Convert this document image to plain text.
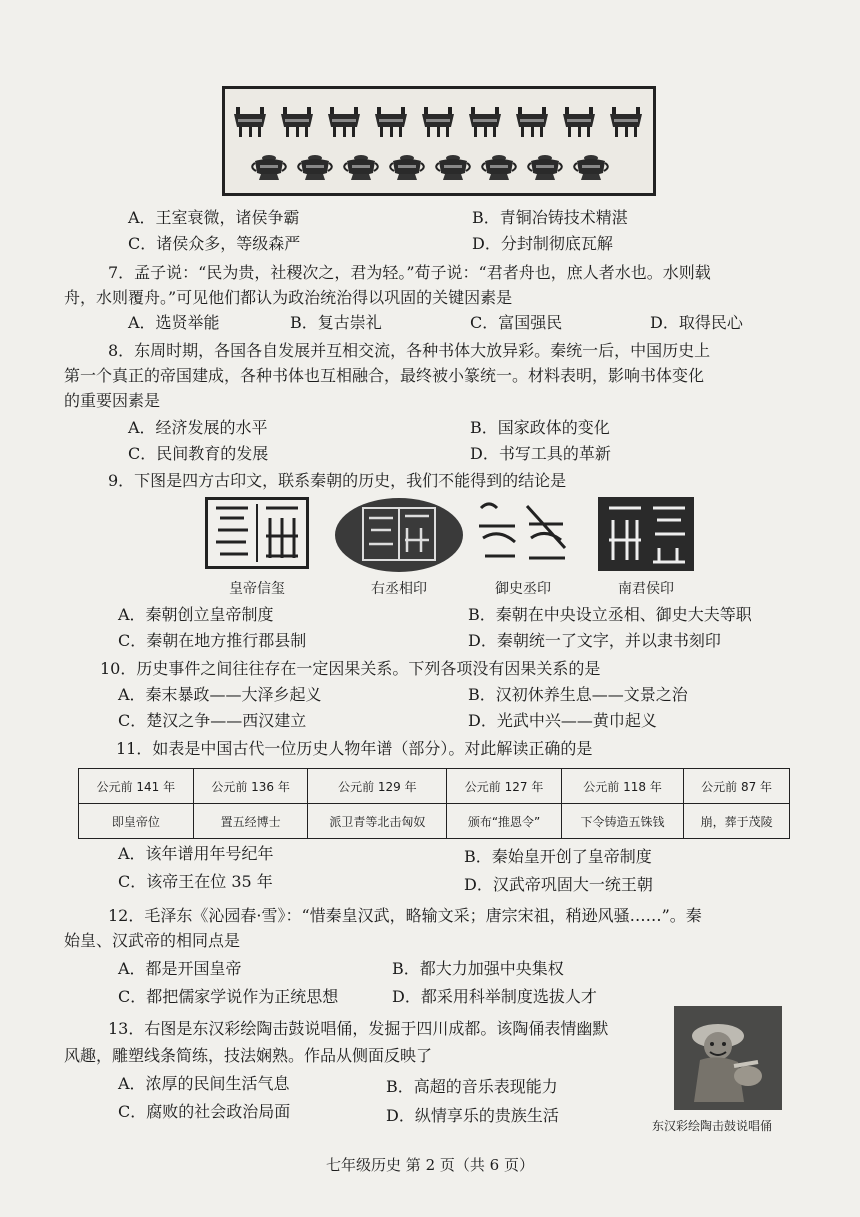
A．王室衰微，诸侯争霸	B．青铜冶铸技术精湛
C．诸侯众多，等级森严	D．分封制彻底瓦解
7．孟子说：“民为贵，社稷次之，君为轻。”荀子说：“君者舟也，庶人者水也。水则载
舟，水则覆舟。”可见他们都认为政治统治得以巩固的关键因素是
A．选贤举能	B．复古崇礼	C．富国强民	D．取得民心
8．东周时期，各国各自发展并互相交流，各种书体大放异彩。秦统一后，中国历史上
第一个真正的帝国建成，各种书体也互相融合，最终被小篆统一。材料表明，影响书体变化
的重要因素是
A．经济发展的水平	B．国家政体的变化
C．民间教育的发展	D．书写工具的革新
9．下图是四方古印文，联系秦朝的历史，我们不能得到的结论是
皇帝信玺	右丞相印	御史丞印	南君侯印
A．秦朝创立皇帝制度	B．秦朝在中央设立丞相、御史大夫等职
C．秦朝在地方推行郡县制	D．秦朝统一了文字，并以隶书刻印
10．历史事件之间往往存在一定因果关系。下列各项没有因果关系的是
A．秦末暴政——大泽乡起义	B．汉初休养生息——文景之治
C．楚汉之争——西汉建立	D．光武中兴——黄巾起义
11．如表是中国古代一位历史人物年谱（部分）。对此解读正确的是
公元前 141 年	公元前 136 年	公元前 129 年	公元前 127 年	公元前 118 年	公元前 87 年
即皇帝位	置五经博士	派卫青等北击匈奴	颁布“推恩令”	下令铸造五铢钱	崩，葬于茂陵
A．该年谱用年号纪年	B．秦始皇开创了皇帝制度
C．该帝王在位 35 年	D．汉武帝巩固大一统王朝
12．毛泽东《沁园春·雪》：“惜秦皇汉武，略输文采；唐宗宋祖，稍逊风骚……”。秦
始皇、汉武帝的相同点是
A．都是开国皇帝	B．都大力加强中央集权
C．都把儒家学说作为正统思想	D．都采用科举制度选拔人才
13．右图是东汉彩绘陶击鼓说唱俑，发掘于四川成都。该陶俑表情幽默
风趣，雕塑线条简练，技法娴熟。作品从侧面反映了
A．浓厚的民间生活气息	B．高超的音乐表现能力
C．腐败的社会政治局面	D．纵情享乐的贵族生活
东汉彩绘陶击鼓说唱俑
七年级历史 第 2 页（共 6 页）
